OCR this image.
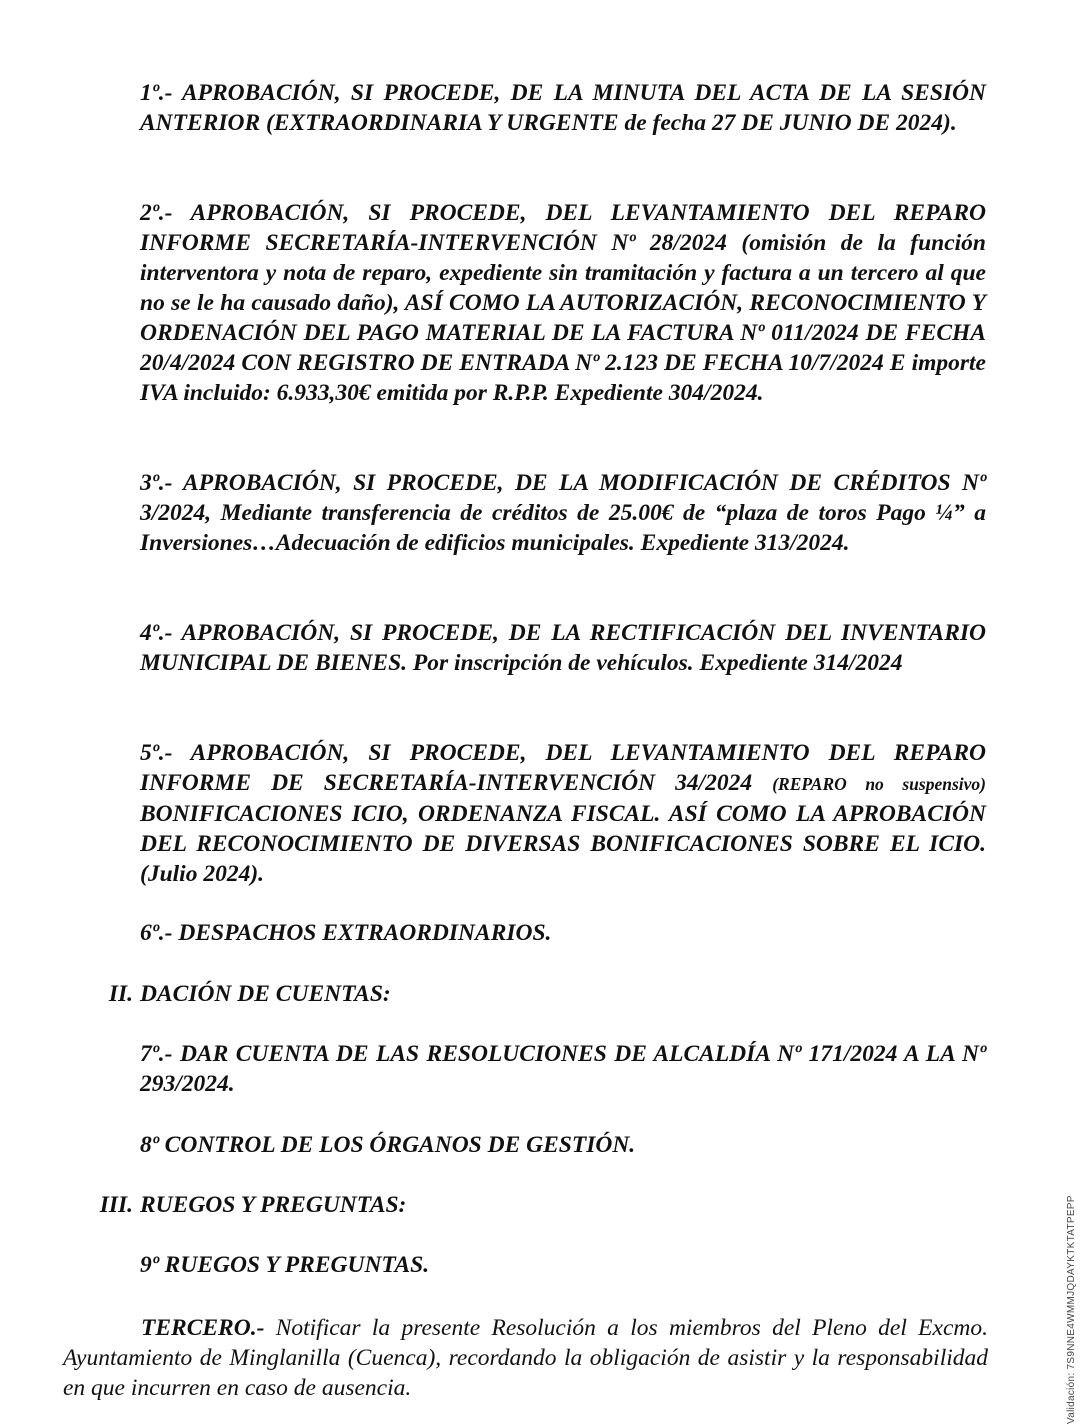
1º.- APROBACIÓN, SI PROCEDE, DE LA MINUTA DEL ACTA DE LA SESIÓN ANTERIOR (EXTRAORDINARIA Y URGENTE de fecha 27 DE JUNIO DE 2024).

2º.- APROBACIÓN, SI PROCEDE, DEL LEVANTAMIENTO DEL REPARO INFORME SECRETARÍA-INTERVENCIÓN Nº 28/2024 (omisión de la función interventora y nota de reparo, expediente sin tramitación y factura a un tercero al que no se le ha causado daño), ASÍ COMO LA AUTORIZACIÓN, RECONOCIMIENTO Y ORDENACIÓN DEL PAGO MATERIAL DE LA FACTURA Nº 011/2024 DE FECHA 20/4/2024 CON REGISTRO DE ENTRADA Nº 2.123 DE FECHA 10/7/2024 E importe IVA incluido: 6.933,30€ emitida por R.P.P. Expediente 304/2024.

3º.- APROBACIÓN, SI PROCEDE, DE LA MODIFICACIÓN DE CRÉDITOS Nº 3/2024, Mediante transferencia de créditos de 25.00€ de “plaza de toros Pago ¼” a Inversiones…Adecuación de edificios municipales. Expediente 313/2024.

4º.- APROBACIÓN, SI PROCEDE, DE LA RECTIFICACIÓN DEL INVENTARIO MUNICIPAL DE BIENES. Por inscripción de vehículos. Expediente 314/2024

5º.- APROBACIÓN, SI PROCEDE, DEL LEVANTAMIENTO DEL REPARO INFORME DE SECRETARÍA-INTERVENCIÓN 34/2024 (REPARO no suspensivo) BONIFICACIONES ICIO, ORDENANZA FISCAL. ASÍ COMO LA APROBACIÓN DEL RECONOCIMIENTO DE DIVERSAS BONIFICACIONES SOBRE EL ICIO. (Julio 2024).

6º.- DESPACHOS EXTRAORDINARIOS.

II. DACIÓN DE CUENTAS:

7º.- DAR CUENTA DE LAS RESOLUCIONES DE ALCALDÍA Nº 171/2024 A LA Nº 293/2024.

8º CONTROL DE LOS ÓRGANOS DE GESTIÓN.

III. RUEGOS Y PREGUNTAS:

9º RUEGOS Y PREGUNTAS.

TERCERO.- Notificar la presente Resolución a los miembros del Pleno del Excmo. Ayuntamiento de Minglanilla (Cuenca), recordando la obligación de asistir y la responsabilidad en que incurren en caso de ausencia.	Validación: 7S9NNE4WMMJQDAYKTKTATPEPP
